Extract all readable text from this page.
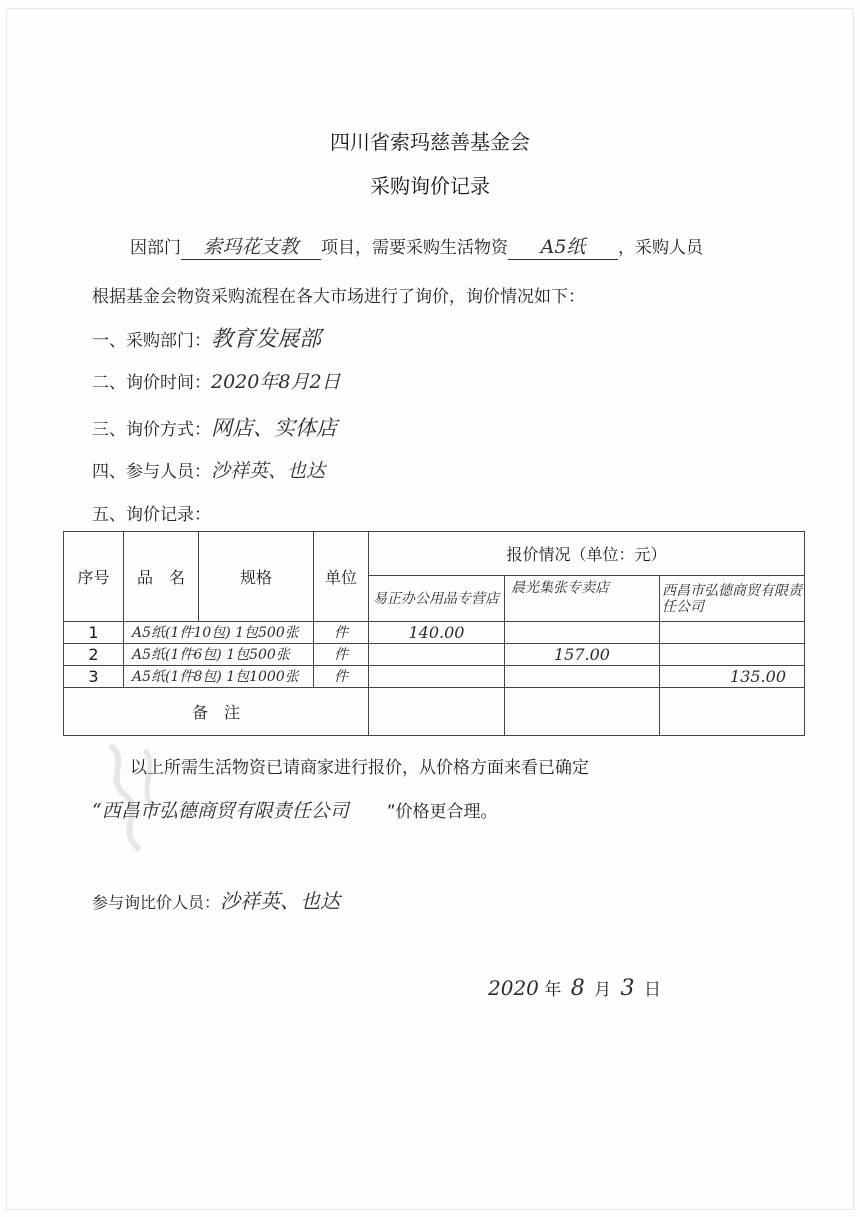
四川省索玛慈善基金会
采购询价记录
因部门 索玛花支教 项目，需要采购生活物资 A5纸 ，采购人员
根据基金会物资采购流程在各大市场进行了询价，询价情况如下：
一、采购部门：教育发展部
二、询价时间：2020年8月2日
三、询价方式：网店、实体店
四、参与人员：沙祥英、也达
五、询价记录：
序号	品　名	规格	单位	报价情况（单位：元）		
				易正办公用品专营店	晨光集张专卖店	西昌市弘德商贸有限责任公司
1	A5纸(1件10包) 1包500张		件	140.00		
2	A5纸(1件6包) 1包500张		件		157.00	
3	A5纸(1件8包) 1包1000张		件			135.00
备　注						
以上所需生活物资已请商家进行报价，从价格方面来看已确定
“西昌市弘德商贸有限责任公司 ”价格更合理。
参与询比价人员：沙祥英、也达
2020 年 8 月 3 日
